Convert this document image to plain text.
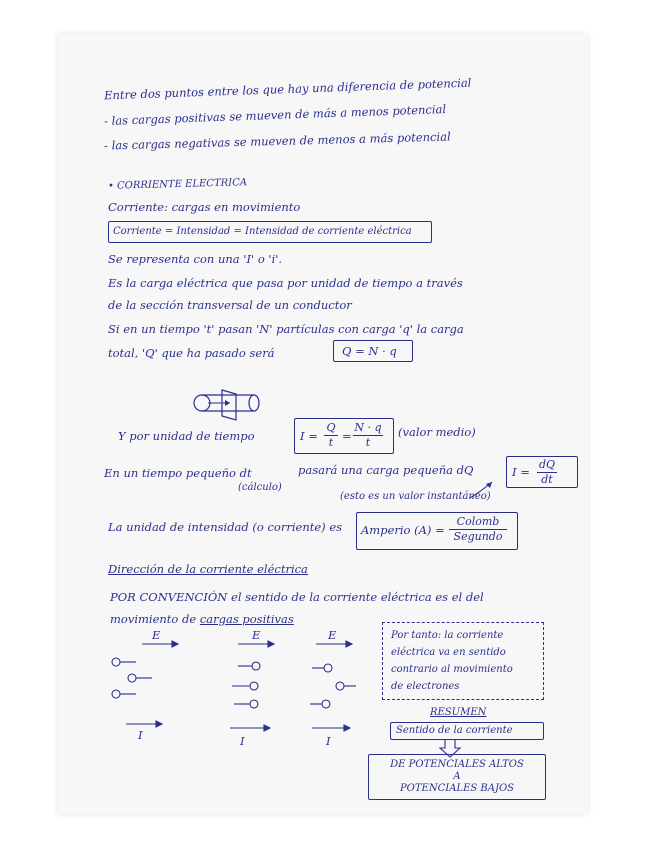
Entre dos puntos entre los que hay una diferencia de potencial
- las cargas positivas se mueven de más a menos potencial
- las cargas negativas se mueven de menos a más potencial
• CORRIENTE ELECTRICA
Corriente: cargas en movimiento
Corriente = Intensidad = Intensidad de corriente eléctrica
Se representa con una 'I' o 'i'.
Es la carga eléctrica que pasa por unidad de tiempo a través
de la sección transversal de un conductor
Si en un tiempo 't' pasan 'N' partículas con carga 'q' la carga
total, 'Q' que ha pasado será	Q = N · q
Y por unidad de tiempo	I =
Q
t =
N · q
t
(valor medio)
En un tiempo pequeño dt
(cálculo)
pasará una carga pequeña dQ	I =
dQ
dt
(esto es un valor instantáneo)
La unidad de intensidad (o corriente) es Amperio (A) =
Colomb
Segundo
Dirección de la corriente eléctrica
POR CONVENCIÓN el sentido de la corriente eléctrica es el del
movimiento de cargas positivas
E	E	E
I	I	I
Por tanto: la corriente
eléctrica va en sentido
contrario al movimiento
de electrones
RESUMEN
Sentido de la corriente
DE POTENCIALES ALTOS
A
POTENCIALES BAJOS
